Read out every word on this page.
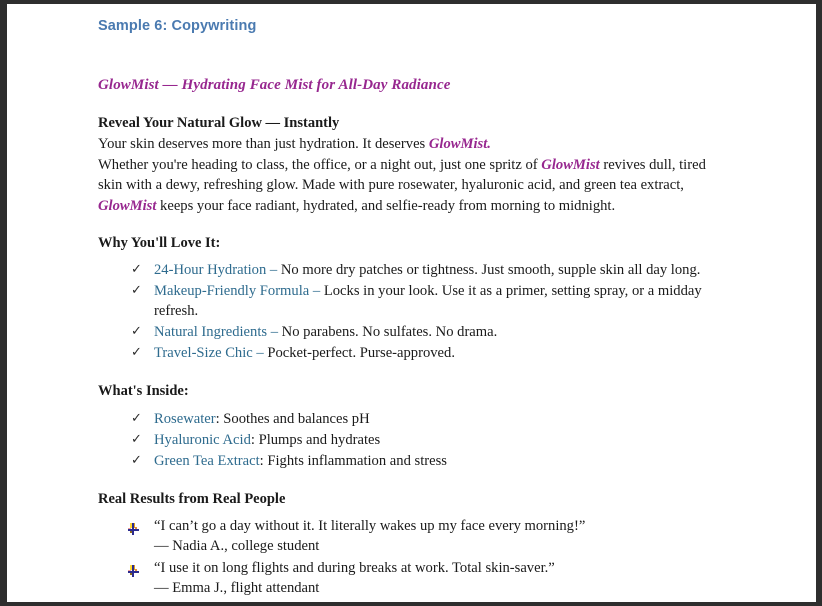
Sample 6: Copywriting
GlowMist — Hydrating Face Mist for All-Day Radiance
Reveal Your Natural Glow — Instantly

Your skin deserves more than just hydration. It deserves GlowMist.

Whether you're heading to class, the office, or a night out, just one spritz of GlowMist revives dull, tired skin with a dewy, refreshing glow. Made with pure rosewater, hyaluronic acid, and green tea extract, GlowMist keeps your face radiant, hydrated, and selfie-ready from morning to midnight.

Why You'll Love It:
✓ 24-Hour Hydration – No more dry patches or tightness. Just smooth, supple skin all day long.
✓ Makeup-Friendly Formula – Locks in your look. Use it as a primer, setting spray, or a midday refresh.
✓ Natural Ingredients – No parabens. No sulfates. No drama.
✓ Travel-Size Chic – Pocket-perfect. Purse-approved.
What's Inside:
✓ Rosewater: Soothes and balances pH
✓ Hyaluronic Acid: Plumps and hydrates
✓ Green Tea Extract: Fights inflammation and stress
Real Results from Real People
“I can’t go a day without it. It literally wakes up my face every morning!”
— Nadia A., college student
“I use it on long flights and during breaks at work. Total skin-saver.”
— Emma J., flight attendant
